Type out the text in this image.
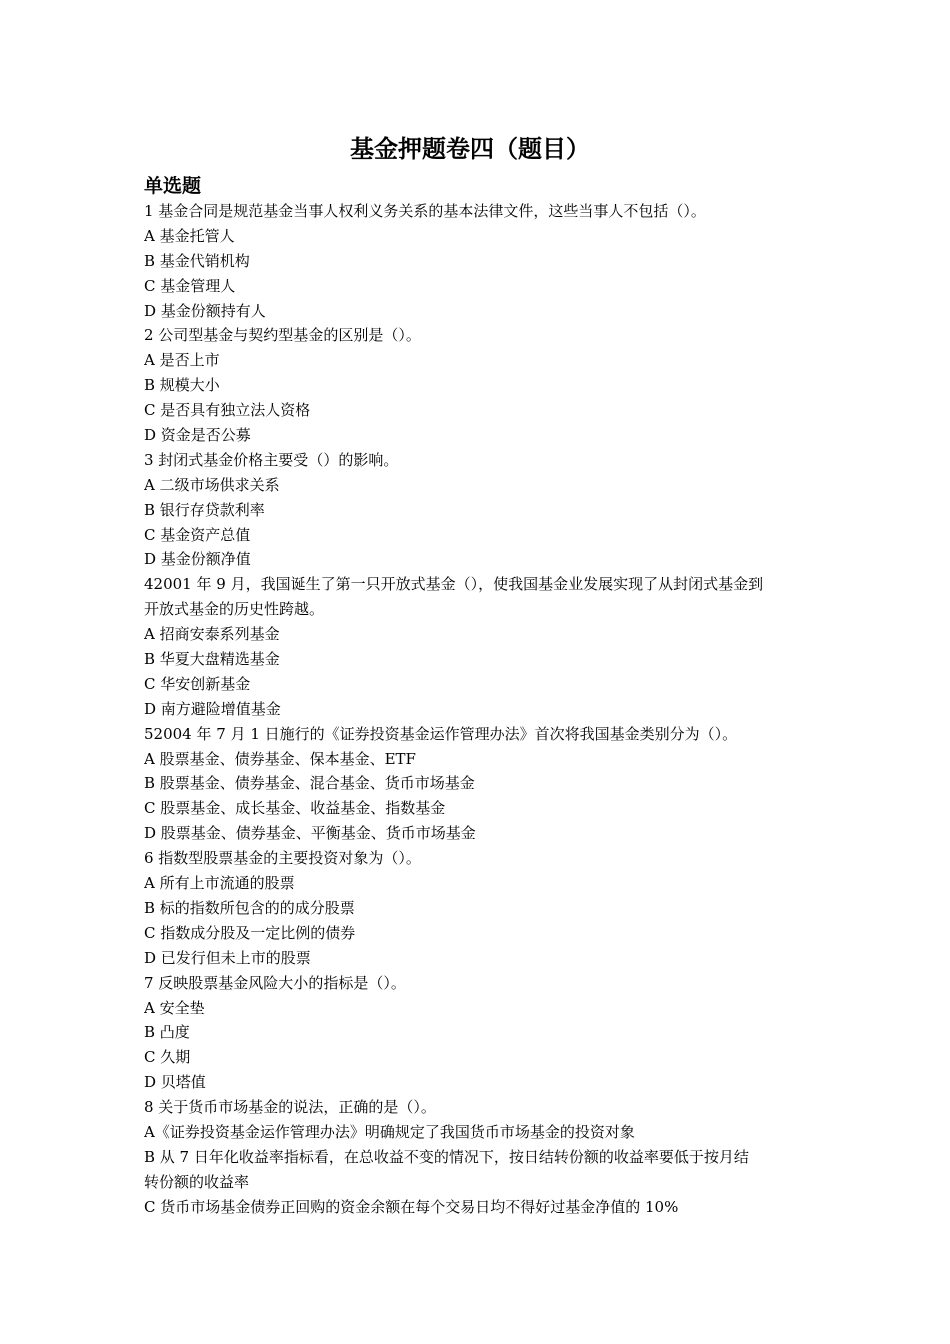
基金押题卷四（题目）
单选题
1 基金合同是规范基金当事人权利义务关系的基本法律文件，这些当事人不包括（）。
A 基金托管人
B 基金代销机构
C 基金管理人
D 基金份额持有人
2 公司型基金与契约型基金的区别是（）。
A 是否上市
B 规模大小
C 是否具有独立法人资格
D 资金是否公募
3 封闭式基金价格主要受（）的影响。
A 二级市场供求关系
B 银行存贷款利率
C 基金资产总值
D 基金份额净值
42001 年 9 月，我国诞生了第一只开放式基金（），使我国基金业发展实现了从封闭式基金到
开放式基金的历史性跨越。
A 招商安泰系列基金
B 华夏大盘精选基金
C 华安创新基金
D 南方避险增值基金
52004 年 7 月 1 日施行的《证券投资基金运作管理办法》首次将我国基金类别分为（）。
A 股票基金、债券基金、保本基金、ETF
B 股票基金、债券基金、混合基金、货币市场基金
C 股票基金、成长基金、收益基金、指数基金
D 股票基金、债券基金、平衡基金、货币市场基金
6 指数型股票基金的主要投资对象为（）。
A 所有上市流通的股票
B 标的指数所包含的的成分股票
C 指数成分股及一定比例的债券
D 已发行但未上市的股票
7 反映股票基金风险大小的指标是（）。
A 安全垫
B 凸度
C 久期
D 贝塔值
8 关于货币市场基金的说法，正确的是（）。
A《证券投资基金运作管理办法》明确规定了我国货币市场基金的投资对象
B 从 7 日年化收益率指标看，在总收益不变的情况下，按日结转份额的收益率要低于按月结
转份额的收益率
C 货币市场基金债券正回购的资金余额在每个交易日均不得好过基金净值的 10%
